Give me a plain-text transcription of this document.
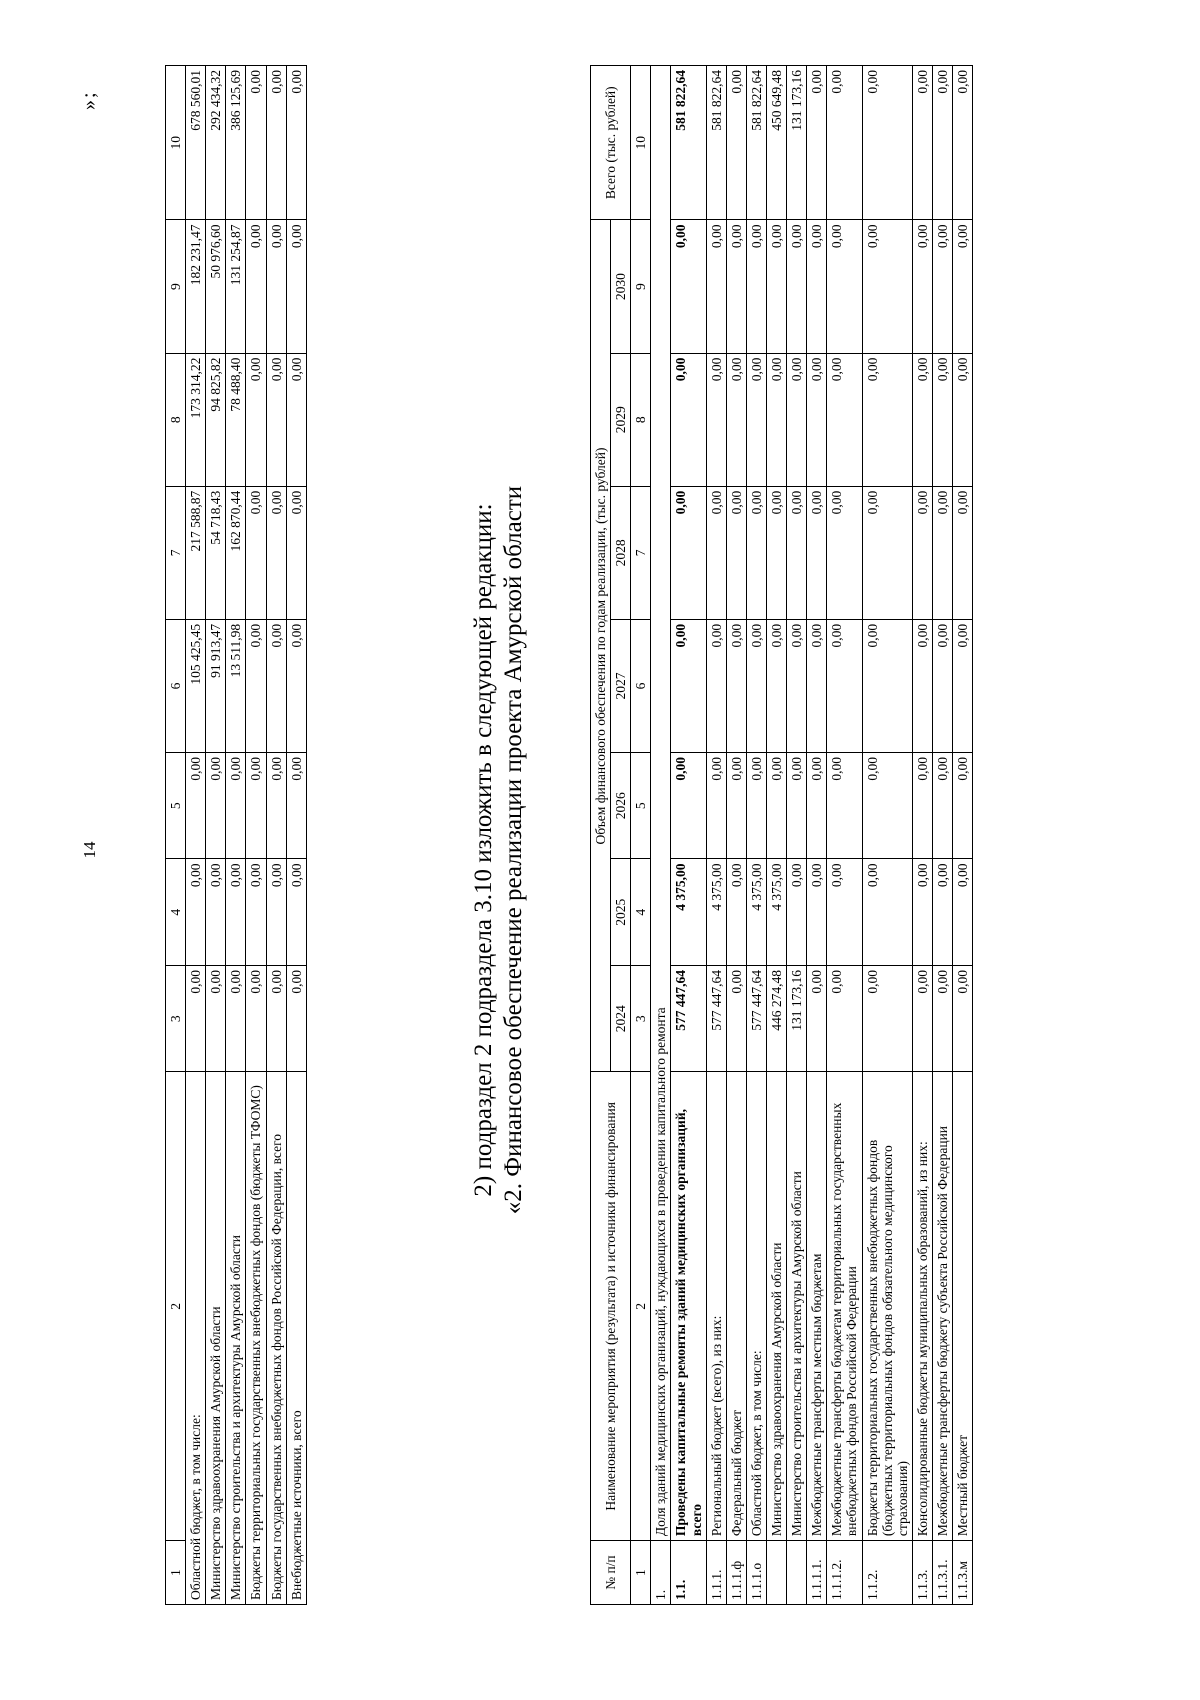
14
»;
1	2	3	4	5	6	7	8	9	10
Областной бюджет, в том числе:		0,00	0,00	0,00	105 425,45	217 588,87	173 314,22	182 231,47	678 560,01
Министерство здравоохранения Амурской области		0,00	0,00	0,00	91 913,47	54 718,43	94 825,82	50 976,60	292 434,32
Министерство строительства и архитектуры Амурской области		0,00	0,00	0,00	13 511,98	162 870,44	78 488,40	131 254,87	386 125,69
Бюджеты территориальных государственных внебюджетных фондов (бюджеты ТФОМС)		0,00	0,00	0,00	0,00	0,00	0,00	0,00	0,00
Бюджеты государственных внебюджетных фондов Российской Федерации, всего		0,00	0,00	0,00	0,00	0,00	0,00	0,00	0,00
Внебюджетные источники, всего		0,00	0,00	0,00	0,00	0,00	0,00	0,00	0,00
2) подраздел 2 подраздела 3.10 изложить в следующей редакции: «2. Финансовое обеспечение реализации проекта Амурской области
№ п/п	Наименование мероприятия (результата) и источники финансирования	Объем финансового обеспечения по годам реализации, (тыс. рублей)							Всего (тыс. рублей)
		2024	2025	2026	2027	2028	2029	2030	
1	2	3	4	5	6	7	8	9	10
1.	Доля зданий медицинских организаций, нуждающихся в проведении капитального ремонта								
1.1.	Проведены капитальные ремонты зданий медицинских организаций, всего	577 447,64	4 375,00	0,00	0,00	0,00	0,00	0,00	581 822,64
1.1.1.	Региональный бюджет (всего), из них:	577 447,64	4 375,00	0,00	0,00	0,00	0,00	0,00	581 822,64
1.1.1.ф	Федеральный бюджет	0,00	0,00	0,00	0,00	0,00	0,00	0,00	0,00
1.1.1.о	Областной бюджет, в том числе:	577 447,64	4 375,00	0,00	0,00	0,00	0,00	0,00	581 822,64
	Министерство здравоохранения Амурской области	446 274,48	4 375,00	0,00	0,00	0,00	0,00	0,00	450 649,48
	Министерство строительства и архитектуры Амурской области	131 173,16	0,00	0,00	0,00	0,00	0,00	0,00	131 173,16
1.1.1.1.	Межбюджетные трансферты местным бюджетам	0,00	0,00	0,00	0,00	0,00	0,00	0,00	0,00
1.1.1.2.	Межбюджетные трансферты бюджетам территориальных государственных внебюджетных фондов Российской Федерации	0,00	0,00	0,00	0,00	0,00	0,00	0,00	0,00
1.1.2.	Бюджеты территориальных государственных внебюджетных фондов (бюджетных территориальных фондов обязательного медицинского страхования)	0,00	0,00	0,00	0,00	0,00	0,00	0,00	0,00
1.1.3.	Консолидированные бюджеты муниципальных образований, из них:	0,00	0,00	0,00	0,00	0,00	0,00	0,00	0,00
1.1.3.1.	Межбюджетные трансферты бюджету субъекта Российской Федерации	0,00	0,00	0,00	0,00	0,00	0,00	0,00	0,00
1.1.3.м	Местный бюджет	0,00	0,00	0,00	0,00	0,00	0,00	0,00	0,00
